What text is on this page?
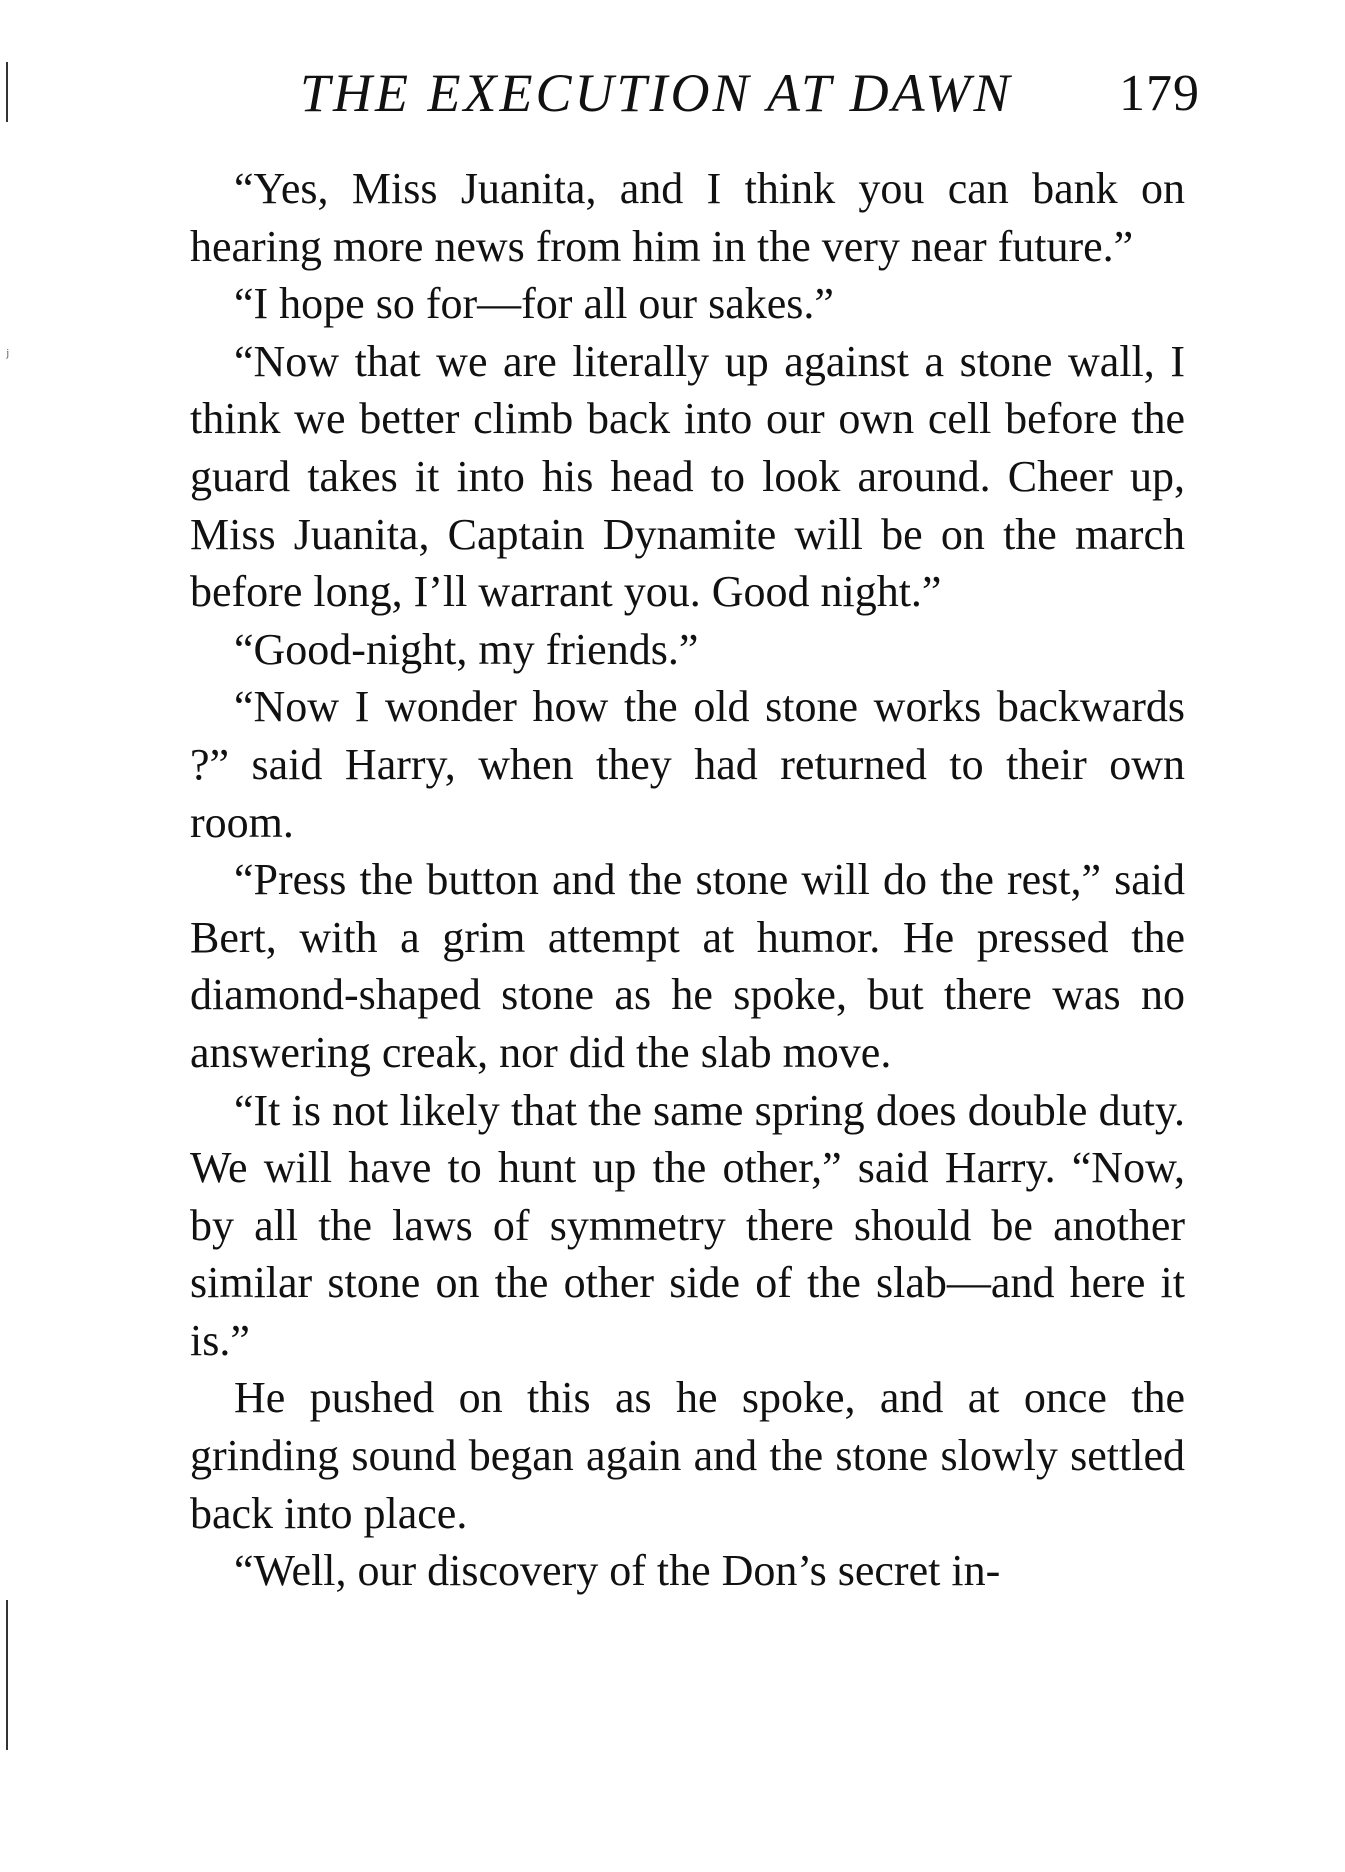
ʲ
THE EXECUTION AT DAWN 179

“Yes, Miss Juanita, and I think you can bank on hearing more news from him in the very near future.”

“I hope so for—for all our sakes.”

“Now that we are literally up against a stone wall, I think we better climb back into our own cell before the guard takes it into his head to look around. Cheer up, Miss Juanita, Captain Dynamite will be on the march before long, I’ll warrant you. Good night.”

“Good-night, my friends.”

“Now I wonder how the old stone works backwards ?” said Harry, when they had returned to their own room.

“Press the button and the stone will do the rest,” said Bert, with a grim attempt at humor. He pressed the diamond-shaped stone as he spoke, but there was no answering creak, nor did the slab move.

“It is not likely that the same spring does double duty. We will have to hunt up the other,” said Harry. “Now, by all the laws of symmetry there should be another similar stone on the other side of the slab—and here it is.”

He pushed on this as he spoke, and at once the grinding sound began again and the stone slowly settled back into place.

“Well, our discovery of the Don’s secret in-
